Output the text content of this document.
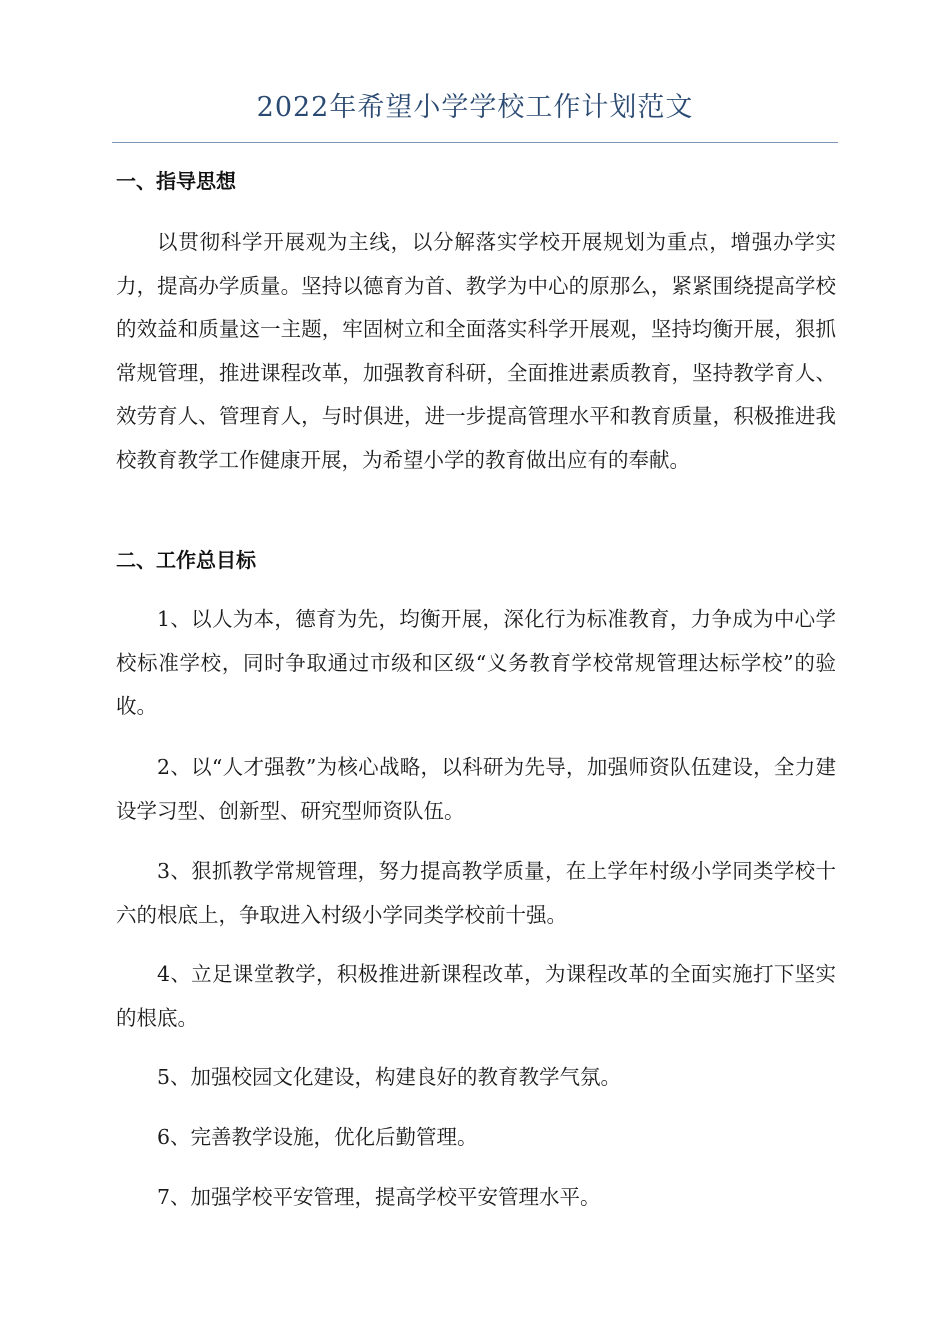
2022年希望小学学校工作计划范文
一、指导思想

以贯彻科学开展观为主线，以分解落实学校开展规划为重点，增强办学实力，提高办学质量。坚持以德育为首、教学为中心的原那么，紧紧围绕提高学校的效益和质量这一主题，牢固树立和全面落实科学开展观，坚持均衡开展，狠抓常规管理，推进课程改革，加强教育科研，全面推进素质教育，坚持教学育人、效劳育人、管理育人，与时俱进，进一步提高管理水平和教育质量，积极推进我校教育教学工作健康开展，为希望小学的教育做出应有的奉献。

二、工作总目标

1、以人为本，德育为先，均衡开展，深化行为标准教育，力争成为中心学校标准学校，同时争取通过市级和区级“义务教育学校常规管理达标学校”的验收。

2、以“人才强教”为核心战略，以科研为先导，加强师资队伍建设，全力建设学习型、创新型、研究型师资队伍。

3、狠抓教学常规管理，努力提高教学质量，在上学年村级小学同类学校十六的根底上，争取进入村级小学同类学校前十强。

4、立足课堂教学，积极推进新课程改革，为课程改革的全面实施打下坚实的根底。

5、加强校园文化建设，构建良好的教育教学气氛。

6、完善教学设施，优化后勤管理。

7、加强学校平安管理，提高学校平安管理水平。
